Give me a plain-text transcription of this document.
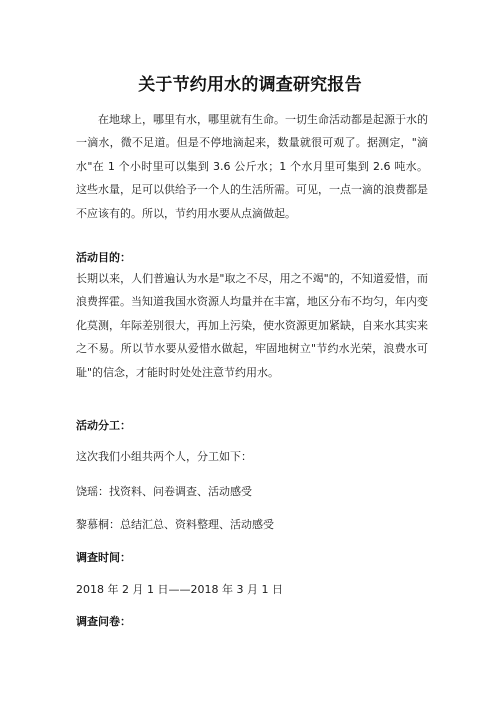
关于节约用水的调查研究报告

在地球上，哪里有水，哪里就有生命。一切生命活动都是起源于水的一滴水，微不足道。但是不停地滴起来，数量就很可观了。据测定，"滴水"在 1 个小时里可以集到 3.6 公斤水；1 个水月里可集到 2.6 吨水。这些水量，足可以供给予一个人的生活所需。可见，一点一滴的浪费都是不应该有的。所以，节约用水要从点滴做起。

活动目的：

长期以来，人们普遍认为水是"取之不尽，用之不竭"的，不知道爱惜，而浪费挥霍。当知道我国水资源人均量并在丰富，地区分布不均匀，年内变化莫测，年际差别很大，再加上污染，使水资源更加紧缺，自来水其实来之不易。所以节水要从爱惜水做起，牢固地树立"节约水光荣，浪费水可耻"的信念，才能时时处处注意节约用水。

活动分工：

这次我们小组共两个人，分工如下：

饶瑶：找资料、问卷调查、活动感受

黎慕桐：总结汇总、资料整理、活动感受

调查时间：

2018 年 2 月 1 日——2018 年 3 月 1 日

调查问卷：
